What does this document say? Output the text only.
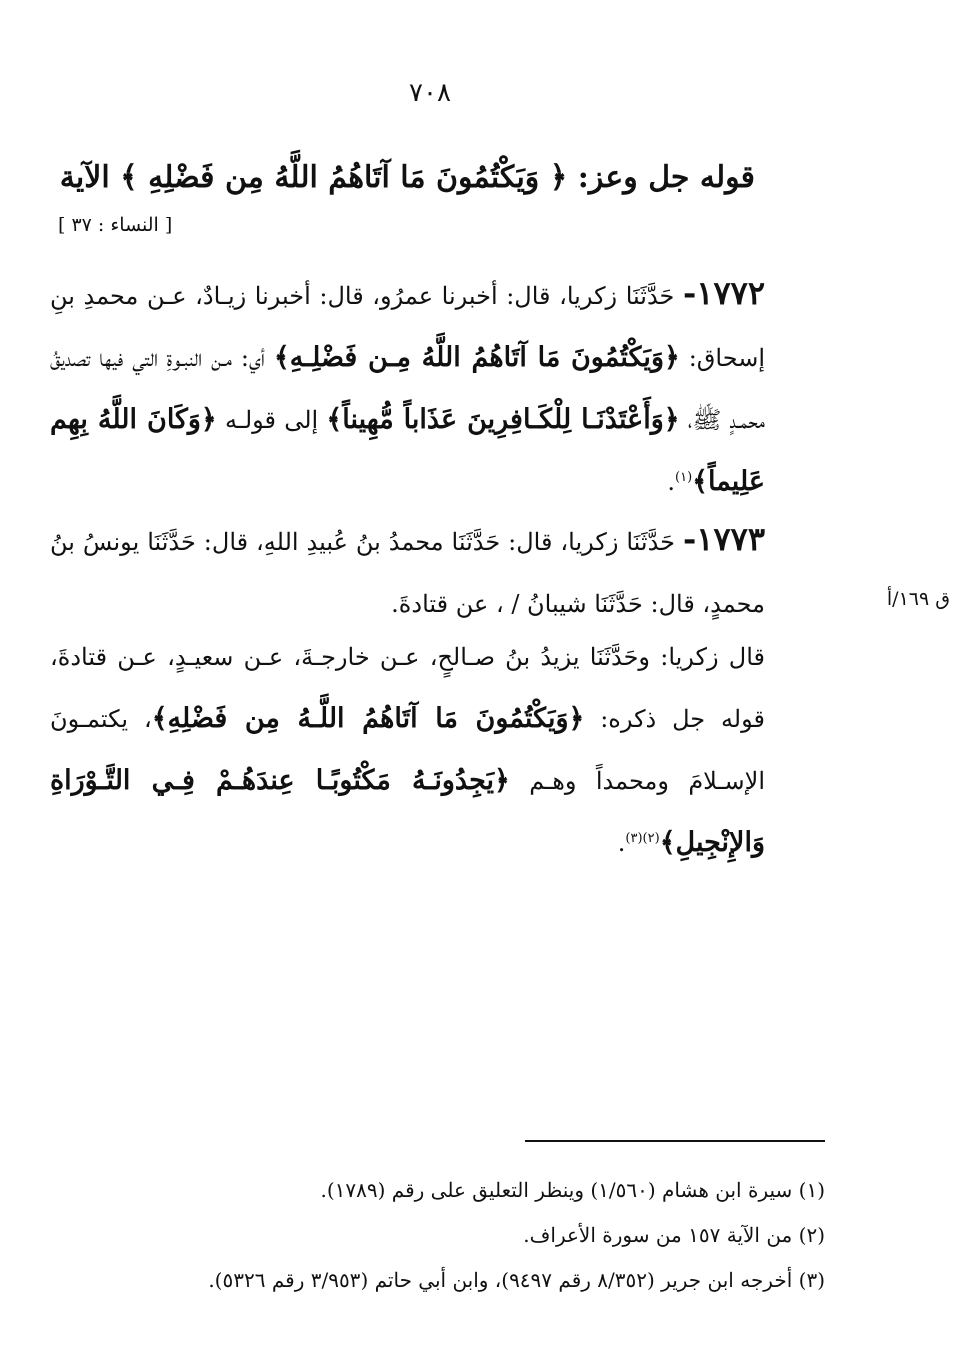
٧٠٨
قوله جل وعز: ﴿ وَيَكْتُمُونَ مَا آتَاهُمُ اللَّهُ مِن فَضْلِهِ ﴾ الآية
[ النساء : ٣٧ ]
ق ١٦٩/أ
١٧٧٢- حَدَّثَنَا زكريا، قال: أخبرنا عمرُو، قال: أخبرنا زيـادٌ، عـن محمدِ بنِ إسحاق: ﴿وَيَكْتُمُونَ مَا آتَاهُمُ اللَّهُ مِـن فَضْلِـهِ﴾ أي: مـن النبـوةِ التي فيها تصديقُ محمـدٍ ﷺ، ﴿وَأَعْتَدْنَـا لِلْكَـافِرِينَ عَذَاباً مُّهِيناً﴾ إلى قولـه ﴿وَكَانَ اللَّهُ بِهِم عَلِيماً﴾$^{(١)}$.
١٧٧٣- حَدَّثَنَا زكريا، قال: حَدَّثَنَا محمدُ بنُ عُبيدِ اللهِ، قال: حَدَّثَنَا يونسُ بنُ محمدٍ، قال: حَدَّثَنَا شيبانُ / ، عن قتادةَ.
قال زكريا: وحَدَّثَنَا يزيدُ بنُ صـالحٍ، عـن خارجـةَ، عـن سعيـدٍ، عـن قتادةَ، قوله جل ذكره: ﴿وَيَكْتُمُونَ مَا آتَاهُمُ اللَّـهُ مِن فَضْلِهِ﴾، يكتمـونَ الإسـلامَ ومحمداً وهـم ﴿يَجِدُونَـهُ مَكْتُوبًـا عِندَهُـمْ فِـي التَّـوْرَاةِ وَالإِنْجِيلِ﴾$^{(٢)(٣)}$.
(١) سيرة ابن هشام (١/٥٦٠) وينظر التعليق على رقم (١٧٨٩).
(٢) من الآية ١٥٧ من سورة الأعراف.
(٣) أخرجه ابن جرير (٨/٣٥٢ رقم ٩٤٩٧)، وابن أبي حاتم (٣/٩٥٣ رقم ٥٣٢٦).
